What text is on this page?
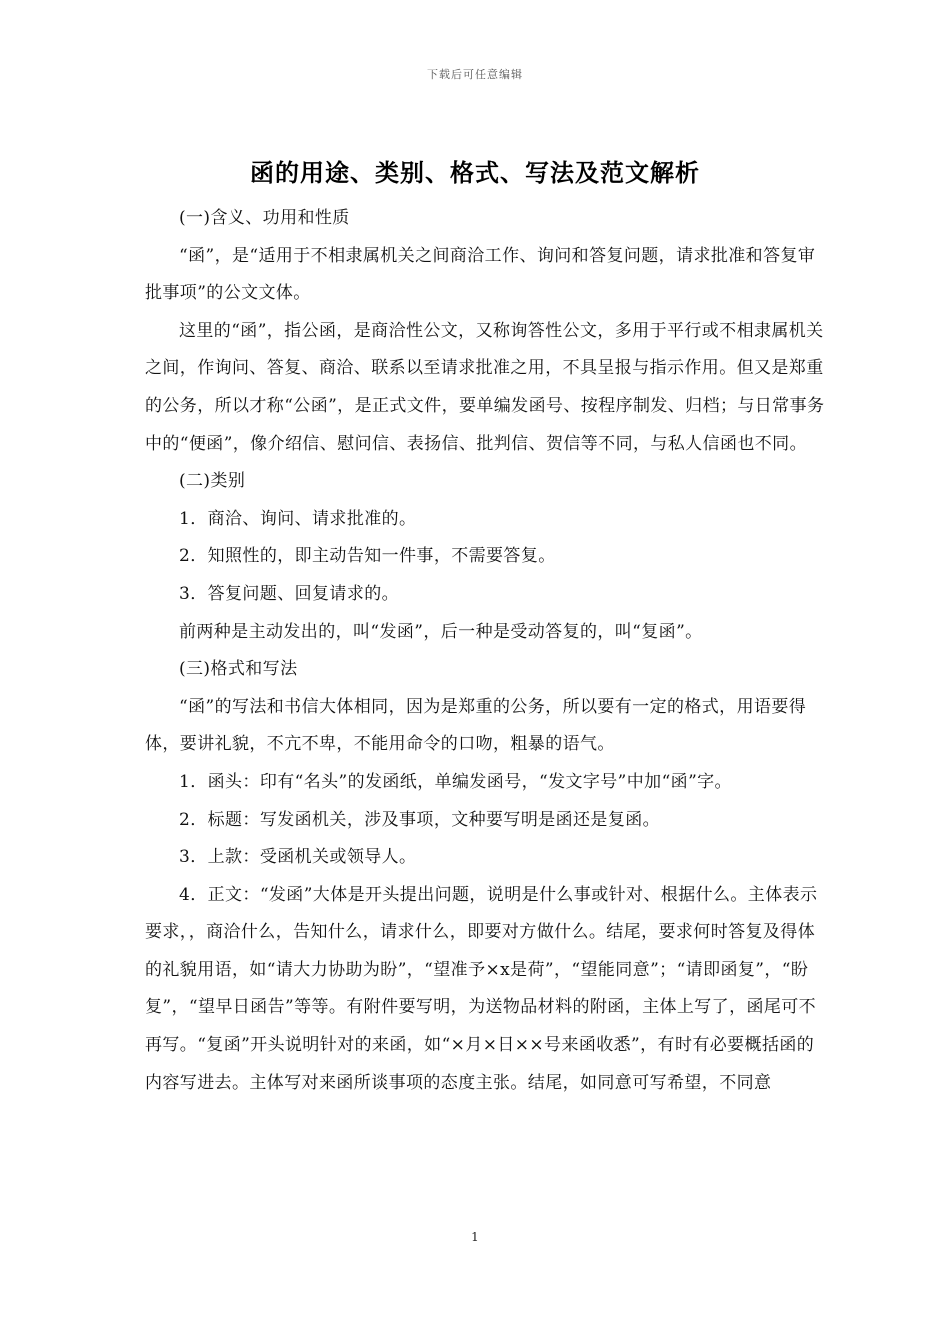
下载后可任意编辑
函的用途、类别、格式、写法及范文解析

(一)含义、功用和性质

“函”，是“适用于不相隶属机关之间商洽工作、询问和答复问题，请求批准和答复审批事项”的公文文体。

这里的“函”，指公函，是商洽性公文，又称询答性公文，多用于平行或不相隶属机关之间，作询问、答复、商洽、联系以至请求批准之用，不具呈报与指示作用。但又是郑重的公务，所以才称“公函”，是正式文件，要单编发函号、按程序制发、归档；与日常事务中的“便函”，像介绍信、慰问信、表扬信、批判信、贺信等不同，与私人信函也不同。

(二)类别

1．商洽、询问、请求批准的。

2．知照性的，即主动告知一件事，不需要答复。

3．答复问题、回复请求的。

前两种是主动发出的，叫“发函”，后一种是受动答复的，叫“复函”。

(三)格式和写法

“函”的写法和书信大体相同，因为是郑重的公务，所以要有一定的格式，用语要得体，要讲礼貌，不亢不卑，不能用命令的口吻，粗暴的语气。

1．函头：印有“名头”的发函纸，单编发函号，“发文字号”中加“函”字。

2．标题：写发函机关，涉及事项，文种要写明是函还是复函。

3．上款：受函机关或领导人。

4．正文：“发函”大体是开头提出问题，说明是什么事或针对、根据什么。主体表示要求，，商洽什么，告知什么，请求什么，即要对方做什么。结尾，要求何时答复及得体的礼貌用语，如“请大力协助为盼”，“望准予×x是荷”，“望能同意”；“请即函复”，“盼复”，“望早日函告”等等。有附件要写明，为送物品材料的附函，主体上写了，函尾可不再写。“复函”开头说明针对的来函，如“×月×日××号来函收悉”，有时有必要概括函的内容写进去。主体写对来函所谈事项的态度主张。结尾，如同意可写希望，不同意

1
